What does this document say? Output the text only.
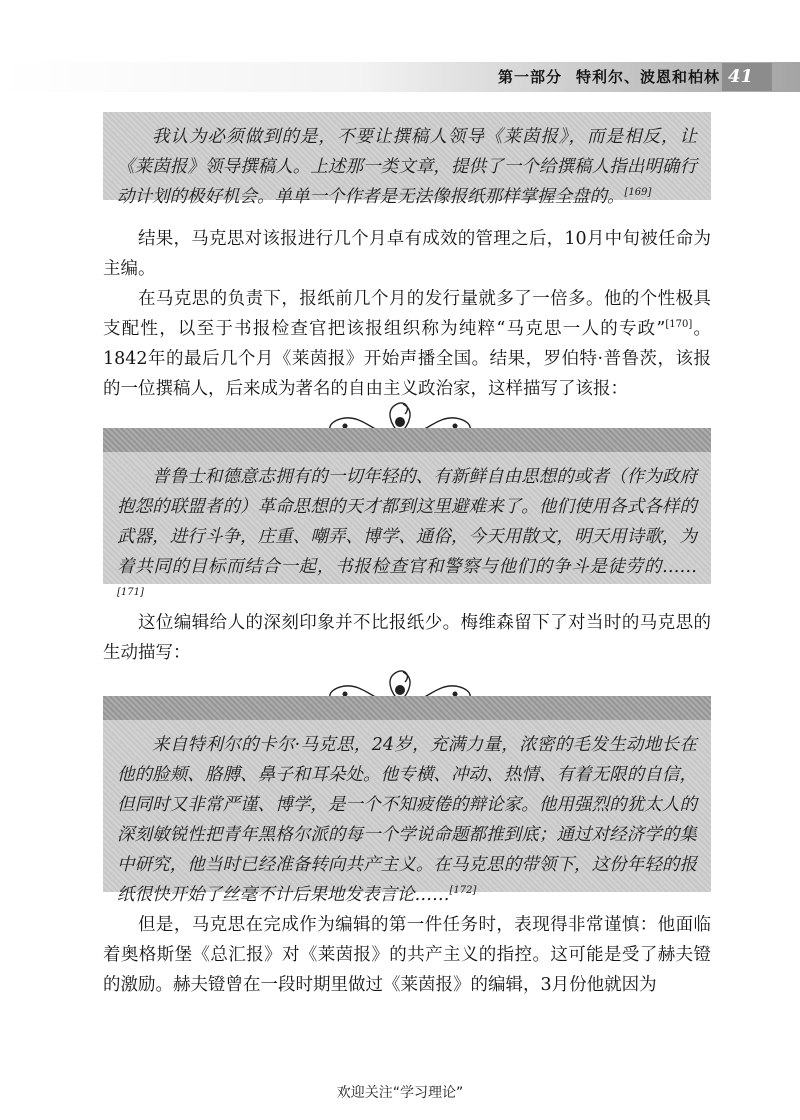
第一部分 特利尔、波恩和柏林 41

我认为必须做到的是，不要让撰稿人领导《莱茵报》，而是相反，让《莱茵报》领导撰稿人。上述那一类文章，提供了一个给撰稿人指出明确行动计划的极好机会。单单一个作者是无法像报纸那样掌握全盘的。[169]

结果，马克思对该报进行几个月卓有成效的管理之后，10月中旬被任命为主编。

在马克思的负责下，报纸前几个月的发行量就多了一倍多。他的个性极具支配性，以至于书报检查官把该报组织称为纯粹“马克思一人的专政”[170]。1842年的最后几个月《莱茵报》开始声播全国。结果，罗伯特·普鲁茨，该报的一位撰稿人，后来成为著名的自由主义政治家，这样描写了该报：

普鲁士和德意志拥有的一切年轻的、有新鲜自由思想的或者（作为政府抱怨的联盟者的）革命思想的天才都到这里避难来了。他们使用各式各样的武器，进行斗争，庄重、嘲弄、博学、通俗，今天用散文，明天用诗歌，为着共同的目标而结合一起，书报检查官和警察与他们的争斗是徒劳的……[171]

这位编辑给人的深刻印象并不比报纸少。梅维森留下了对当时的马克思的生动描写：

来自特利尔的卡尔·马克思，24岁，充满力量，浓密的毛发生动地长在他的脸颊、胳膊、鼻子和耳朵处。他专横、冲动、热情、有着无限的自信，但同时又非常严谨、博学，是一个不知疲倦的辩论家。他用强烈的犹太人的深刻敏锐性把青年黑格尔派的每一个学说命题都推到底；通过对经济学的集中研究，他当时已经准备转向共产主义。在马克思的带领下，这份年轻的报纸很快开始了丝毫不计后果地发表言论……[172]

但是，马克思在完成作为编辑的第一件任务时，表现得非常谨慎：他面临着奥格斯堡《总汇报》对《莱茵报》的共产主义的指控。这可能是受了赫夫镫的激励。赫夫镫曾在一段时期里做过《莱茵报》的编辑，3月份他就因为

欢迎关注“学习理论”
